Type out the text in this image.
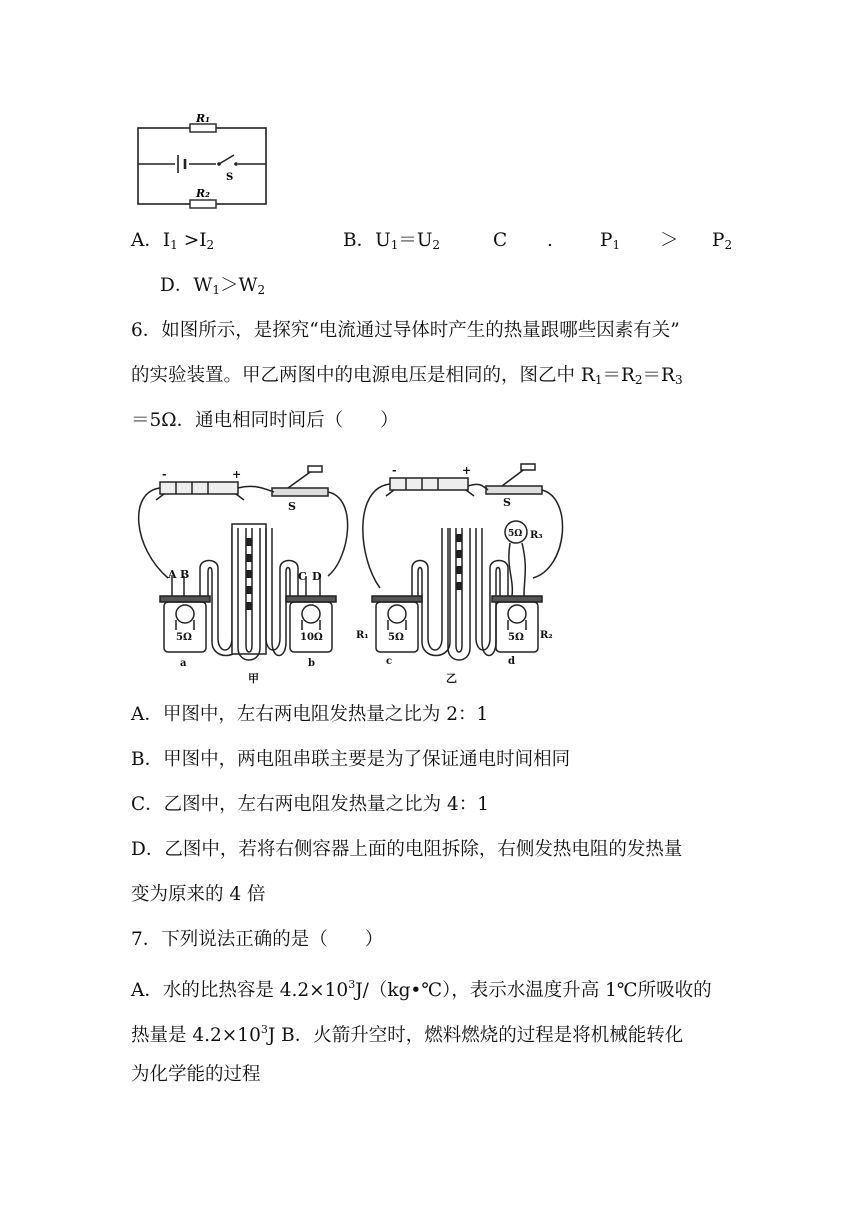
R₁
R₂
S
A．$I_1 >I_2$	B．$U_1=U_2$	C .	$P_1 > P_2$
D．$W_1>W_2$
6．如图所示，是探究“电流通过导体时产生的热量跟哪些因素有关”
的实验装置。甲乙两图中的电源电压是相同的，图乙中 $R_1=R_2=R_3$
＝5Ω．通电相同时间后（　　）
-	+
S
A B	C D
5Ω	10Ω
a	b
甲
-	+
S
5Ω R₃
R₁ 5Ω	5Ω R₂
c	d
乙
A．甲图中，左右两电阻发热量之比为 2：1
B．甲图中，两电阻串联主要是为了保证通电时间相同
C．乙图中，左右两电阻发热量之比为 4：1
D．乙图中，若将右侧容器上面的电阻拆除，右侧发热电阻的发热量
变为原来的 4 倍
7．下列说法正确的是（　　）
A．水的比热容是 $4.2\times 10^3J/(kg•℃)$，表示水温度升高 1℃所吸收的
热量是 $4.2\times 10^3J$ B．火箭升空时，燃料燃烧的过程是将机械能转化
为化学能的过程
